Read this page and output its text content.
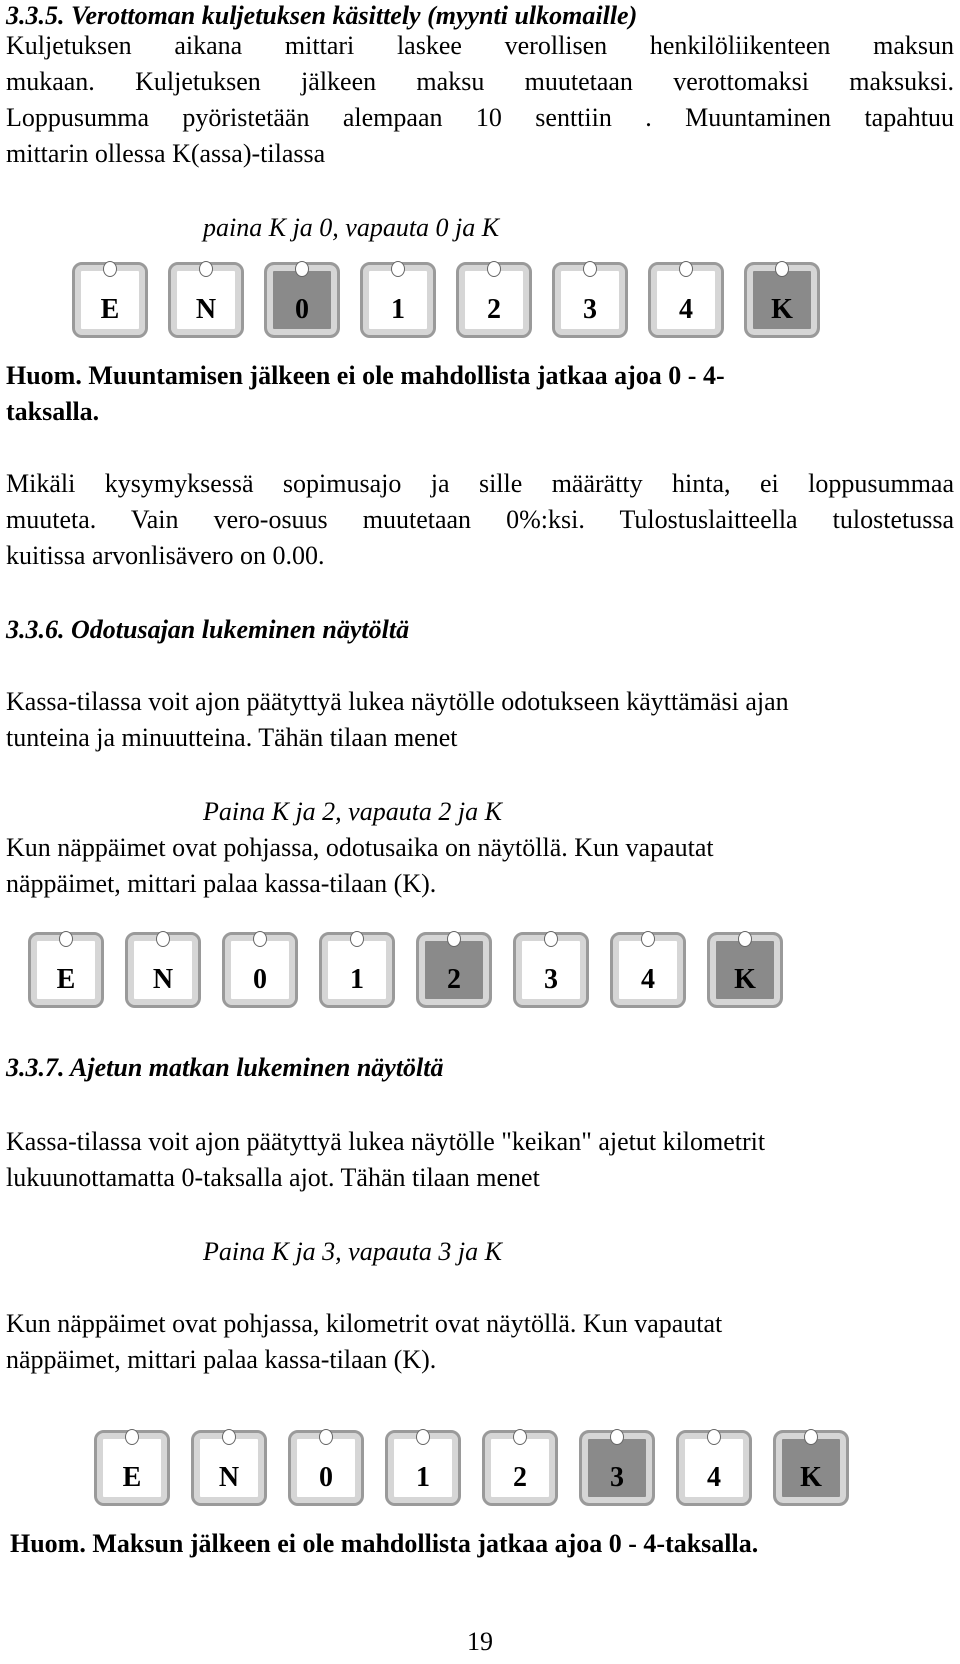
3.3.5. Verottoman kuljetuksen käsittely (myynti ulkomaille)

Kuljetuksen aikana mittari laskee verollisen henkilöliikenteen maksun

mukaan. Kuljetuksen jälkeen maksu muutetaan verottomaksi maksuksi.

Loppusumma pyöristetään alempaan 10 senttiin . Muuntaminen tapahtuu

mittarin ollessa K(assa)-tilassa

paina K ja 0, vapauta 0 ja K

E	N	0	1	2	3	4	K

Huom. Muuntamisen jälkeen ei ole mahdollista jatkaa ajoa 0 - 4-

taksalla.

Mikäli kysymyksessä sopimusajo ja sille määrätty hinta, ei loppusummaa

muuteta. Vain vero-osuus muutetaan 0%:ksi. Tulostuslaitteella tulostetussa

kuitissa arvonlisävero on 0.00.

3.3.6. Odotusajan lukeminen näytöltä

Kassa-tilassa voit ajon päätyttyä lukea näytölle odotukseen käyttämäsi ajan

tunteina ja minuutteina. Tähän tilaan menet

Paina K ja 2, vapauta 2 ja K

Kun näppäimet ovat pohjassa, odotusaika on näytöllä. Kun vapautat

näppäimet, mittari palaa kassa-tilaan (K).

E	N	0	1	2	3	4	K

3.3.7. Ajetun matkan lukeminen näytöltä

Kassa-tilassa voit ajon päätyttyä lukea näytölle "keikan" ajetut kilometrit

lukuunottamatta 0-taksalla ajot. Tähän tilaan menet

Paina K ja 3, vapauta 3 ja K

Kun näppäimet ovat pohjassa, kilometrit ovat näytöllä. Kun vapautat

näppäimet, mittari palaa kassa-tilaan (K).

E	N	0	1	2	3	4	K

Huom. Maksun jälkeen ei ole mahdollista jatkaa ajoa 0 - 4-taksalla.

19
